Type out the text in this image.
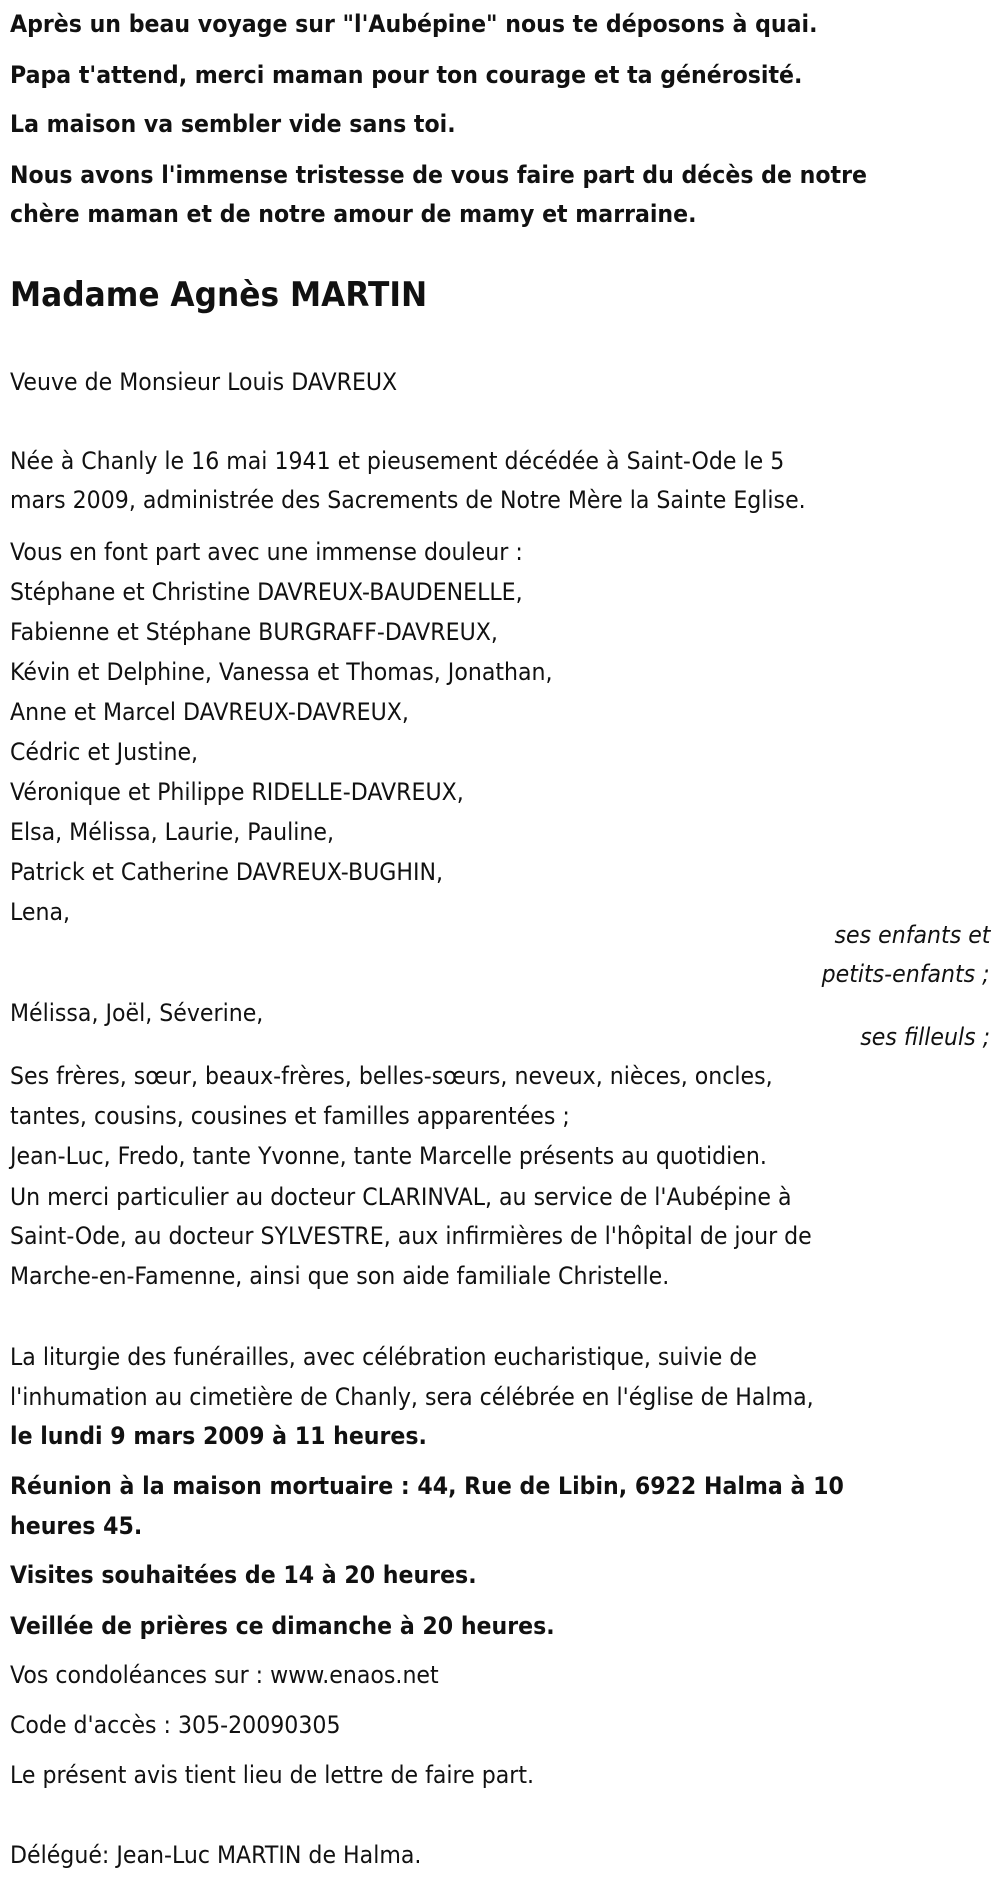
Après un beau voyage sur "l'Aubépine" nous te déposons à quai.
Papa t'attend, merci maman pour ton courage et ta générosité.
La maison va sembler vide sans toi.
Nous avons l'immense tristesse de vous faire part du décès de notre
chère maman et de notre amour de mamy et marraine.
Madame Agnès MARTIN
Veuve de Monsieur Louis DAVREUX
Née à Chanly le 16 mai 1941 et pieusement décédée à Saint-Ode le 5
mars 2009, administrée des Sacrements de Notre Mère la Sainte Eglise.
Vous en font part avec une immense douleur :
Stéphane et Christine DAVREUX-BAUDENELLE,
Fabienne et Stéphane BURGRAFF-DAVREUX,
Kévin et Delphine, Vanessa et Thomas, Jonathan,
Anne et Marcel DAVREUX-DAVREUX,
Cédric et Justine,
Véronique et Philippe RIDELLE-DAVREUX,
Elsa, Mélissa, Laurie, Pauline,
Patrick et Catherine DAVREUX-BUGHIN,
Lena,
ses enfants et
petits-enfants ;
Mélissa, Joël, Séverine,
ses filleuls ;
Ses frères, sœur, beaux-frères, belles-sœurs, neveux, nièces, oncles,
tantes, cousins, cousines et familles apparentées ;
Jean-Luc, Fredo, tante Yvonne, tante Marcelle présents au quotidien.
Un merci particulier au docteur CLARINVAL, au service de l'Aubépine à
Saint-Ode, au docteur SYLVESTRE, aux infirmières de l'hôpital de jour de
Marche-en-Famenne, ainsi que son aide familiale Christelle.
La liturgie des funérailles, avec célébration eucharistique, suivie de
l'inhumation au cimetière de Chanly, sera célébrée en l'église de Halma,
le lundi 9 mars 2009 à 11 heures.
Réunion à la maison mortuaire : 44, Rue de Libin, 6922 Halma à 10
heures 45.
Visites souhaitées de 14 à 20 heures.
Veillée de prières ce dimanche à 20 heures.
Vos condoléances sur : www.enaos.net
Code d'accès : 305-20090305
Le présent avis tient lieu de lettre de faire part.
Délégué: Jean-Luc MARTIN de Halma.
